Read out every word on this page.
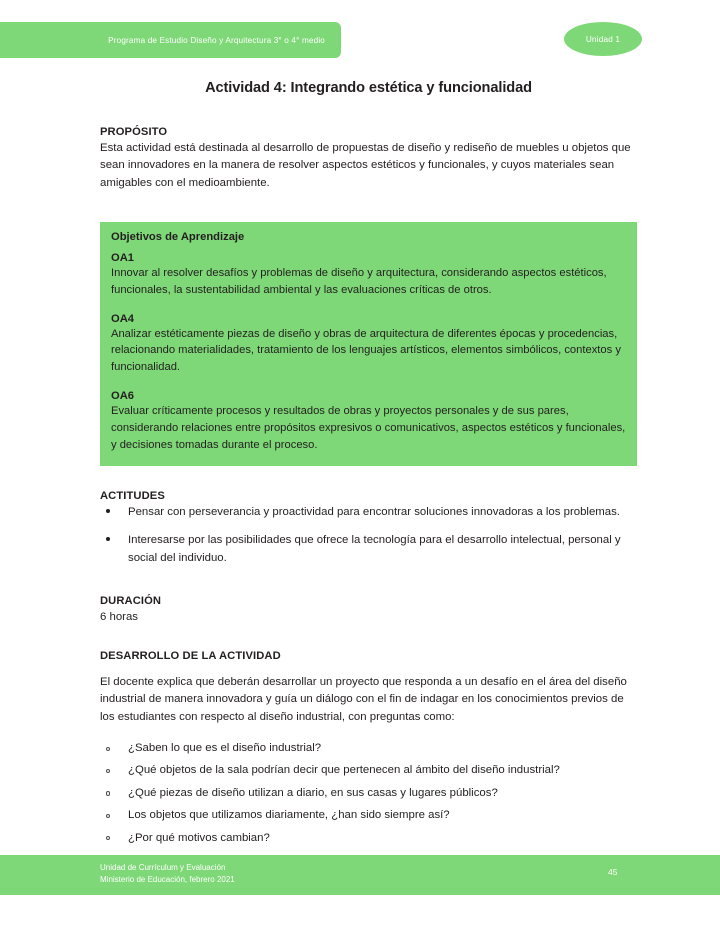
Programa de Estudio Diseño y Arquitectura 3° o 4° medio	Unidad 1
Actividad 4: Integrando estética y funcionalidad
PROPÓSITO

Esta actividad está destinada al desarrollo de propuestas de diseño y rediseño de muebles u objetos que sean innovadores en la manera de resolver aspectos estéticos y funcionales, y cuyos materiales sean amigables con el medioambiente.

Objetivos de Aprendizaje
OA1
Innovar al resolver desafíos y problemas de diseño y arquitectura, considerando aspectos estéticos, funcionales, la sustentabilidad ambiental y las evaluaciones críticas de otros.
OA4
Analizar estéticamente piezas de diseño y obras de arquitectura de diferentes épocas y procedencias, relacionando materialidades, tratamiento de los lenguajes artísticos, elementos simbólicos, contextos y funcionalidad.
OA6
Evaluar críticamente procesos y resultados de obras y proyectos personales y de sus pares, considerando relaciones entre propósitos expresivos o comunicativos, aspectos estéticos y funcionales, y decisiones tomadas durante el proceso.
ACTITUDES
Pensar con perseverancia y proactividad para encontrar soluciones innovadoras a los problemas.
Interesarse por las posibilidades que ofrece la tecnología para el desarrollo intelectual, personal y social del individuo.
DURACIÓN

6 horas

DESARROLLO DE LA ACTIVIDAD

El docente explica que deberán desarrollar un proyecto que responda a un desafío en el área del diseño industrial de manera innovadora y guía un diálogo con el fin de indagar en los conocimientos previos de los estudiantes con respecto al diseño industrial, con preguntas como:

¿Saben lo que es el diseño industrial?
¿Qué objetos de la sala podrían decir que pertenecen al ámbito del diseño industrial?
¿Qué piezas de diseño utilizan a diario, en sus casas y lugares públicos?
Los objetos que utilizamos diariamente, ¿han sido siempre así?
¿Por qué motivos cambian?
Unidad de Currículum y Evaluación
Ministerio de Educación, febrero 2021
45
